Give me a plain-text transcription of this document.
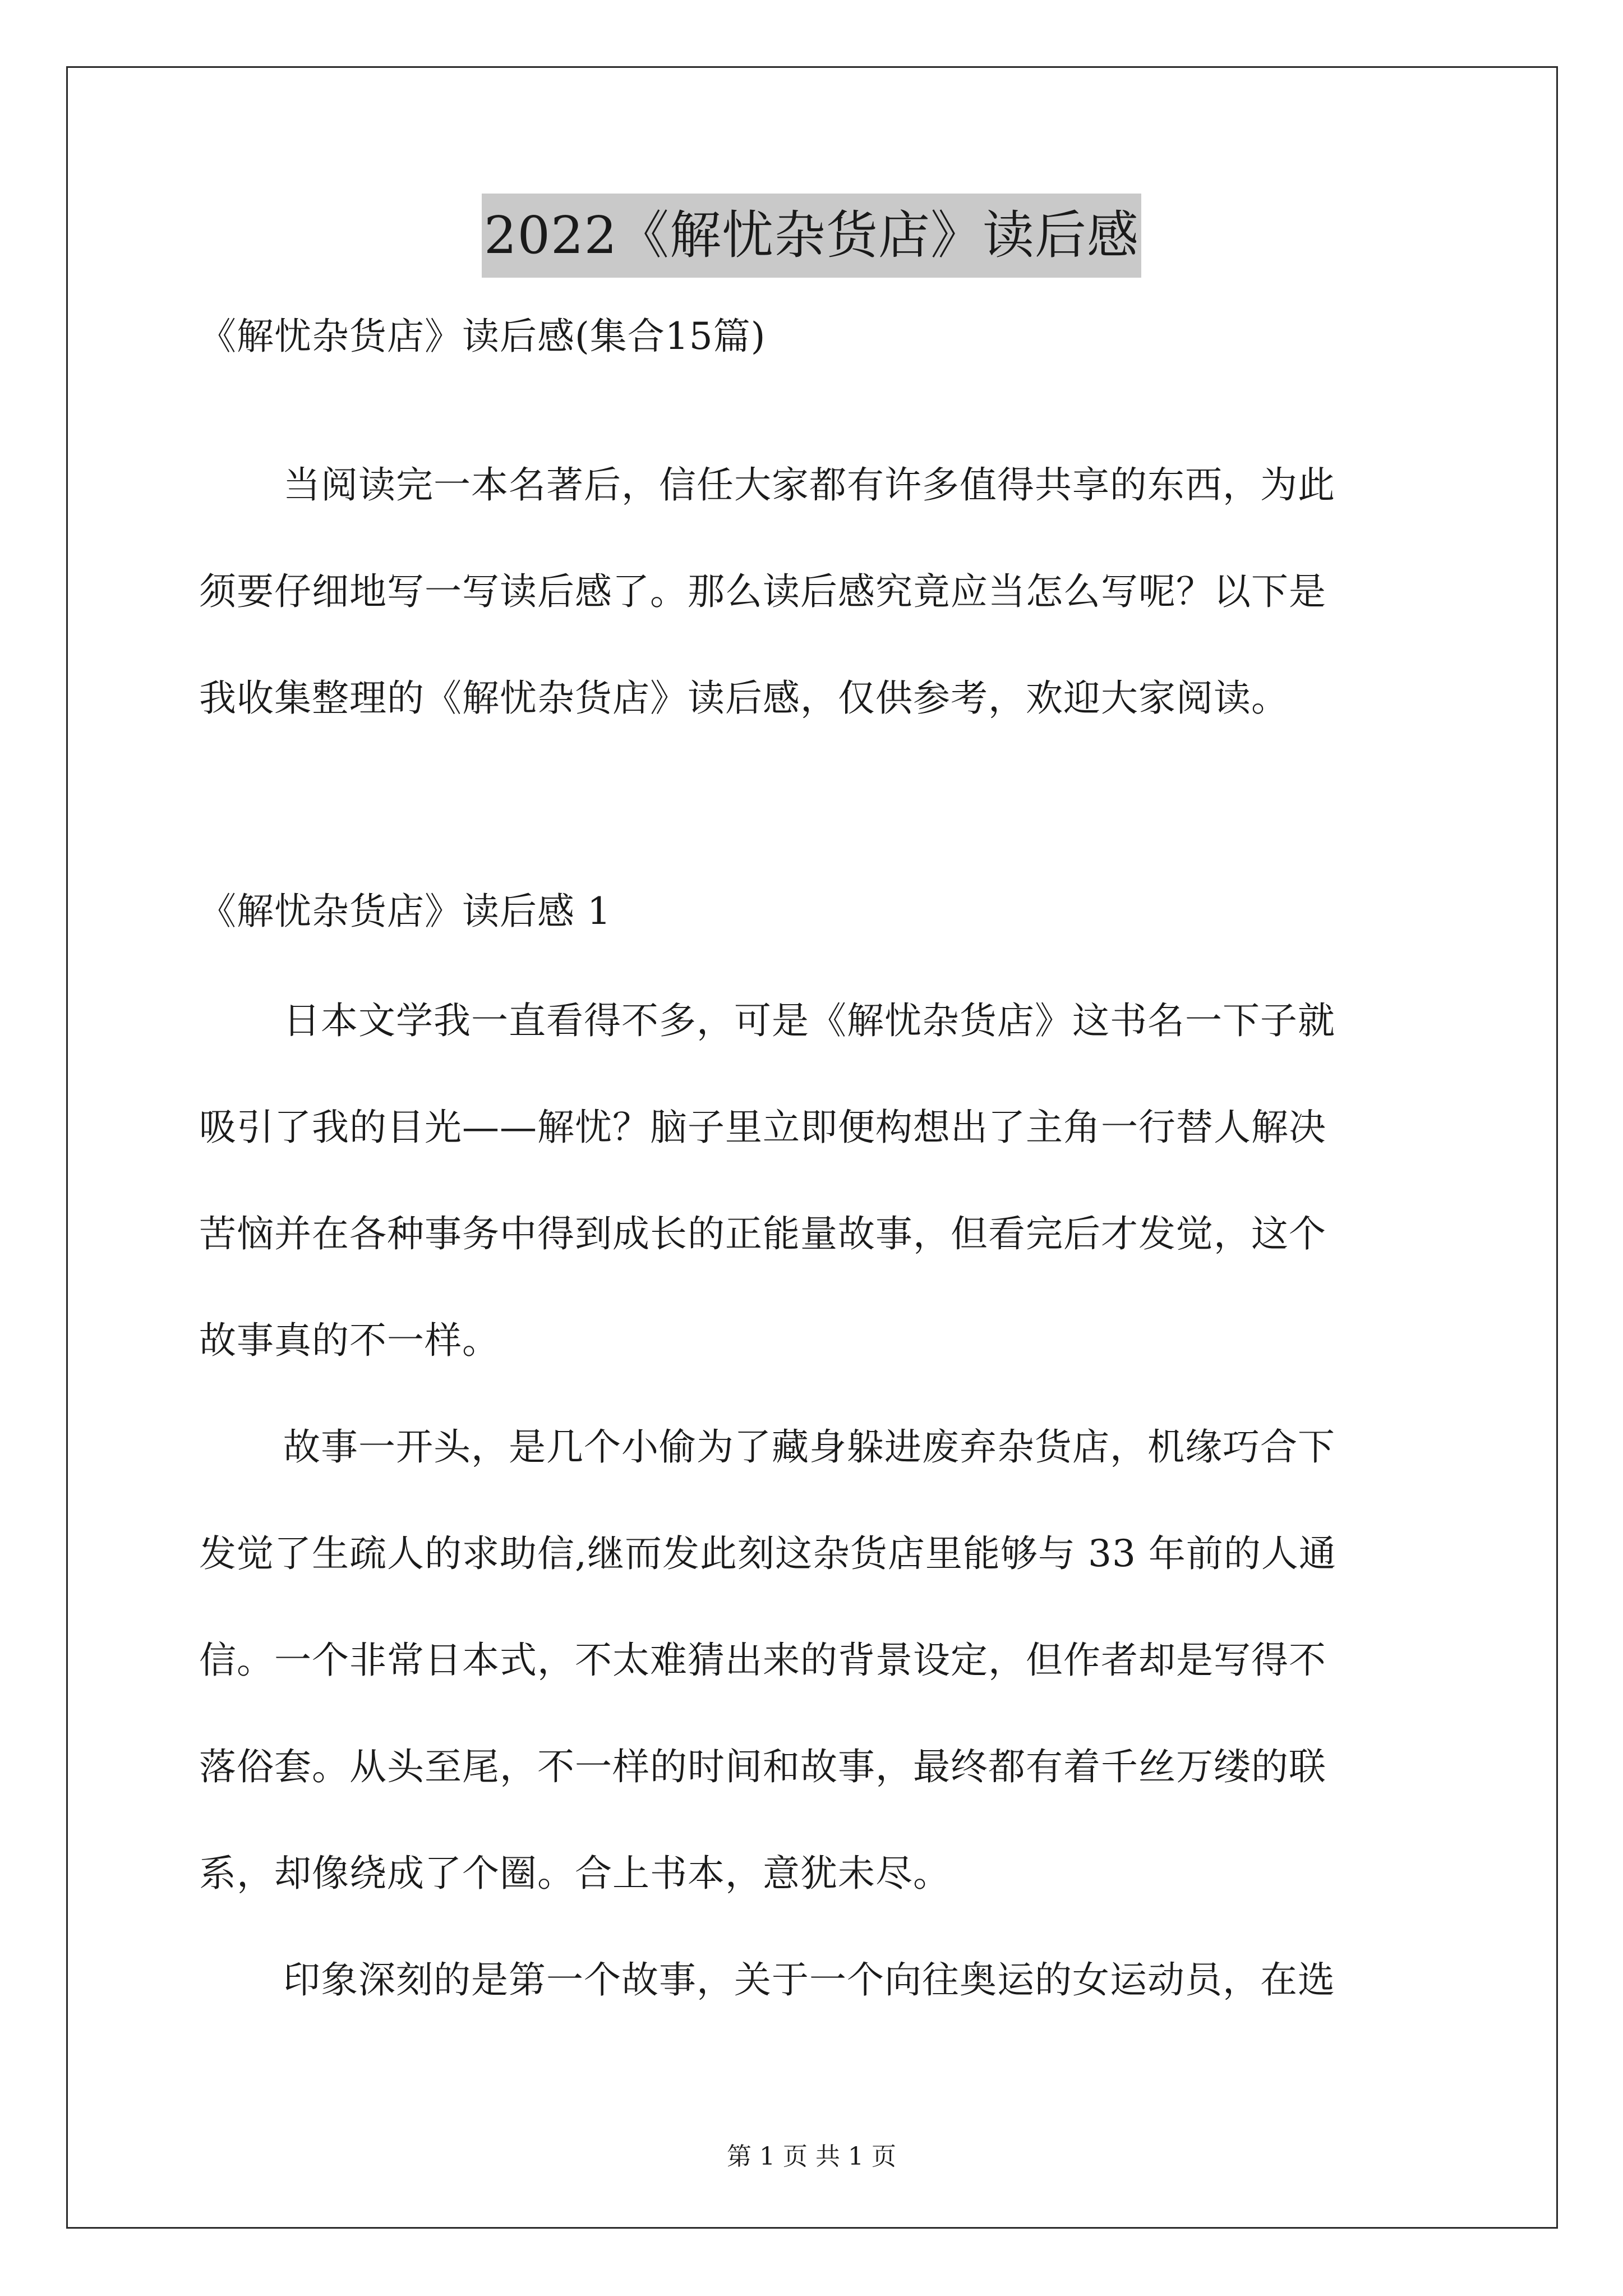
2022《解忧杂货店》读后感
《解忧杂货店》读后感(集合15篇)
当阅读完一本名著后，信任大家都有许多值得共享的东西，为此
须要仔细地写一写读后感了。那么读后感究竟应当怎么写呢？以下是
我收集整理的《解忧杂货店》读后感，仅供参考，欢迎大家阅读。
《解忧杂货店》读后感 1
日本文学我一直看得不多，可是《解忧杂货店》这书名一下子就
吸引了我的目光——解忧？脑子里立即便构想出了主角一行替人解决
苦恼并在各种事务中得到成长的正能量故事，但看完后才发觉，这个
故事真的不一样。
故事一开头，是几个小偷为了藏身躲进废弃杂货店，机缘巧合下
发觉了生疏人的求助信,继而发此刻这杂货店里能够与 33 年前的人通
信。一个非常日本式，不太难猜出来的背景设定，但作者却是写得不
落俗套。从头至尾，不一样的时间和故事，最终都有着千丝万缕的联
系，却像绕成了个圈。合上书本，意犹未尽。
印象深刻的是第一个故事，关于一个向往奥运的女运动员，在选
第 1 页 共 1 页
